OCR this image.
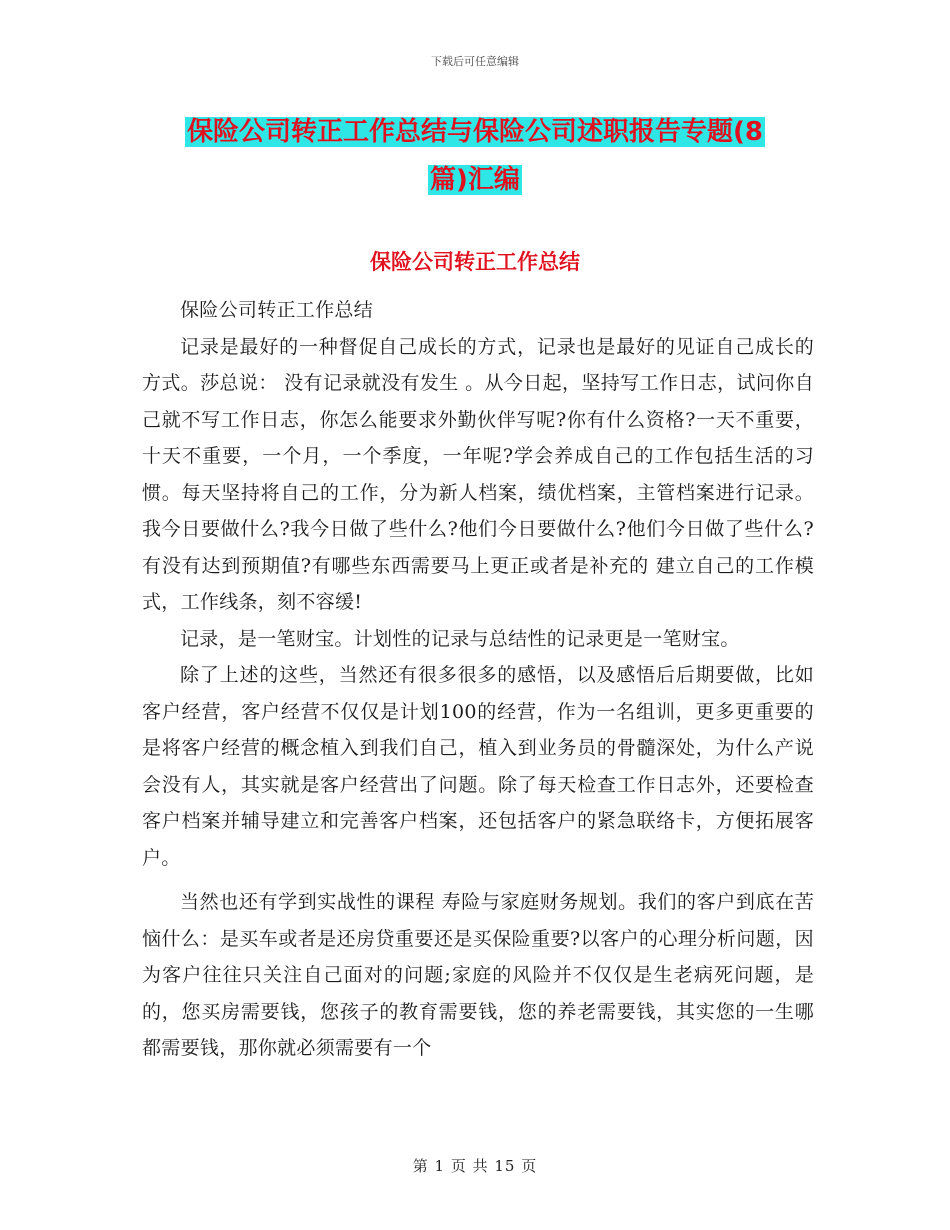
下载后可任意编辑
保险公司转正工作总结与保险公司述职报告专题(8
篇)汇编
保险公司转正工作总结

保险公司转正工作总结

记录是最好的一种督促自己成长的方式，记录也是最好的见证自己成长的方式。莎总说： 没有记录就没有发生 。从今日起，坚持写工作日志，试问你自己就不写工作日志，你怎么能要求外勤伙伴写呢?你有什么资格?一天不重要，十天不重要，一个月，一个季度，一年呢?学会养成自己的工作包括生活的习惯。每天坚持将自己的工作，分为新人档案，绩优档案，主管档案进行记录。我今日要做什么?我今日做了些什么?他们今日要做什么?他们今日做了些什么?有没有达到预期值?有哪些东西需要马上更正或者是补充的 建立自己的工作模式，工作线条，刻不容缓!

记录，是一笔财宝。计划性的记录与总结性的记录更是一笔财宝。

除了上述的这些，当然还有很多很多的感悟，以及感悟后后期要做，比如客户经营，客户经营不仅仅是计划100的经营，作为一名组训，更多更重要的是将客户经营的概念植入到我们自己，植入到业务员的骨髓深处，为什么产说会没有人，其实就是客户经营出了问题。除了每天检查工作日志外，还要检查客户档案并辅导建立和完善客户档案，还包括客户的紧急联络卡，方便拓展客户。

当然也还有学到实战性的课程 寿险与家庭财务规划。我们的客户到底在苦恼什么：是买车或者是还房贷重要还是买保险重要?以客户的心理分析问题，因为客户往往只关注自己面对的问题;家庭的风险并不仅仅是生老病死问题，是的，您买房需要钱，您孩子的教育需要钱，您的养老需要钱，其实您的一生哪都需要钱，那你就必须需要有一个

第 1 页 共 15 页
